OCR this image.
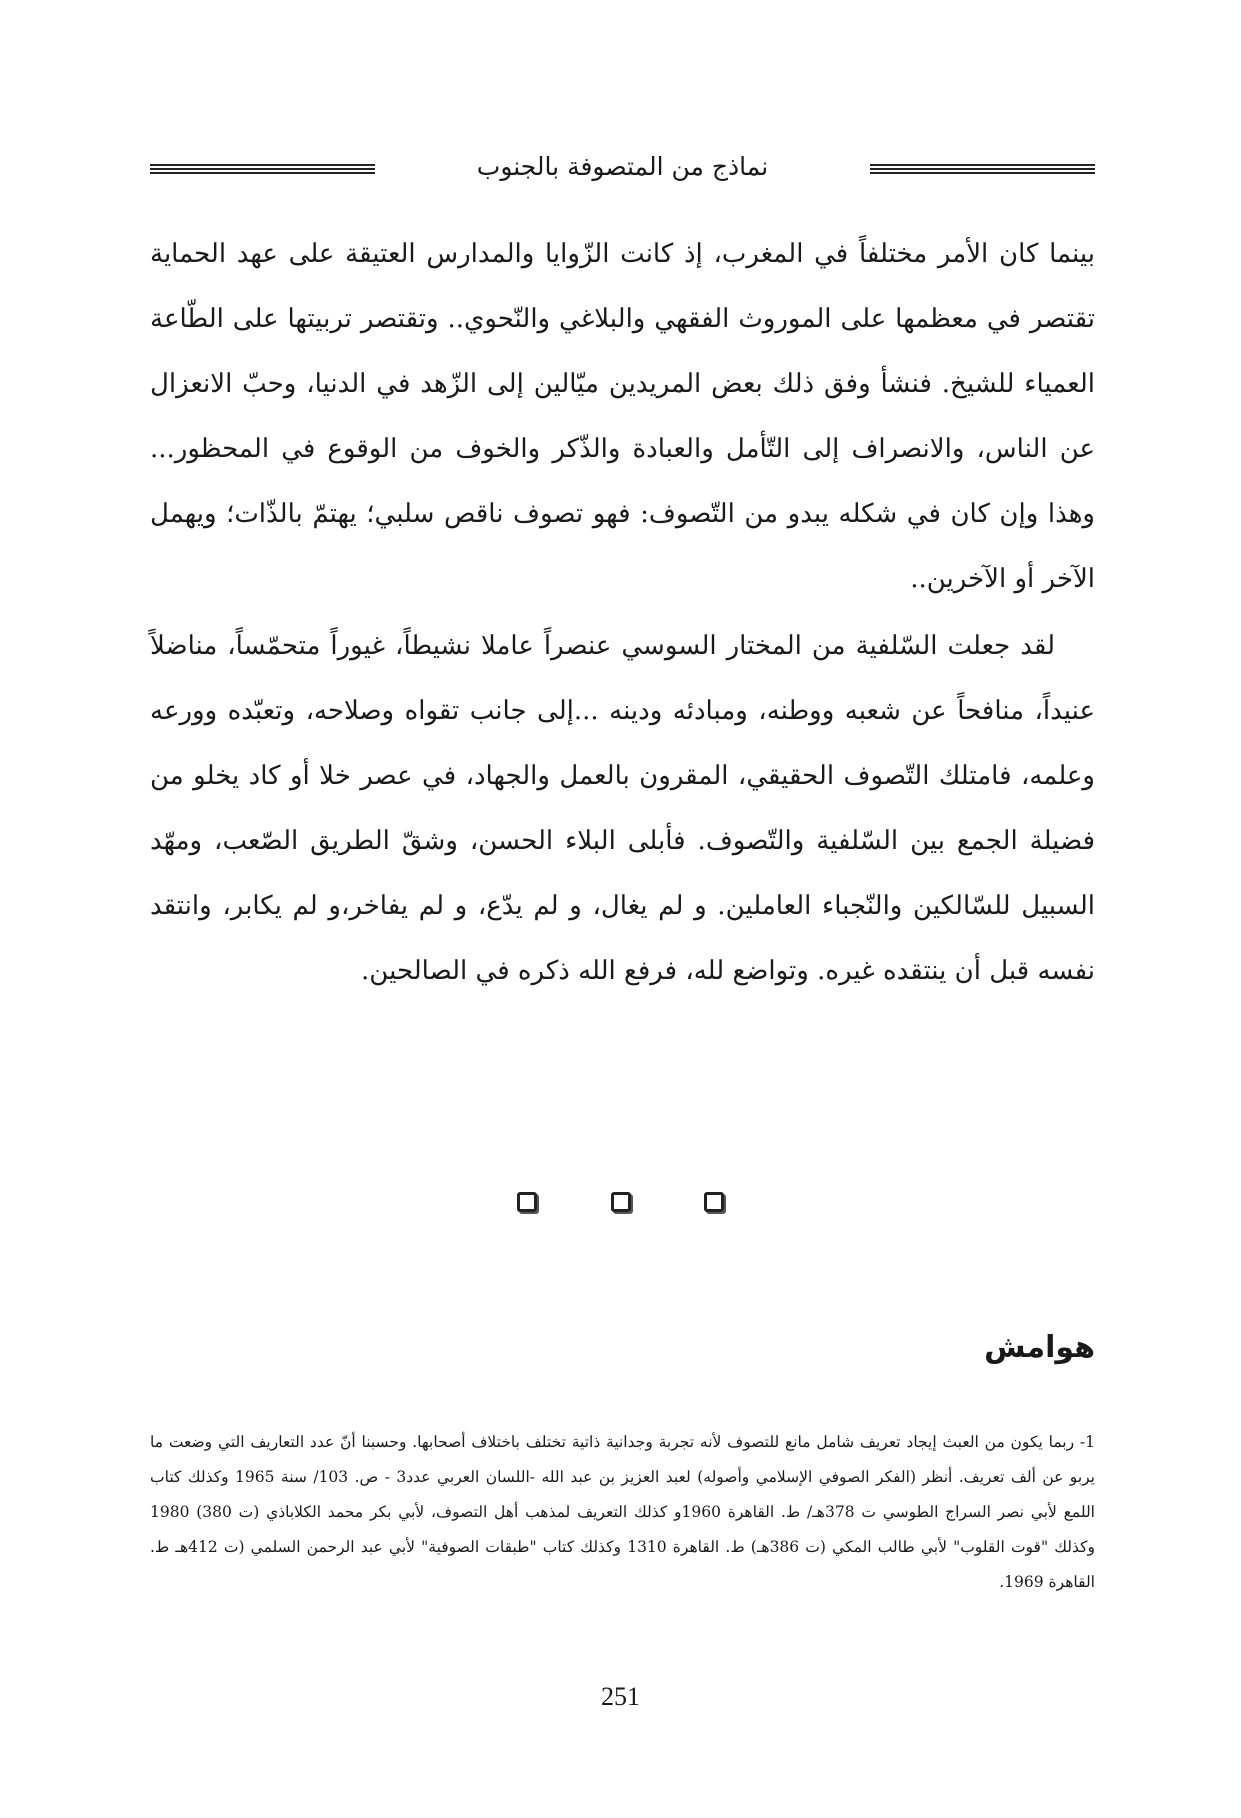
نماذج من المتصوفة بالجنوب

بينما كان الأمر مختلفاً في المغرب، إذ كانت الزّوايا والمدارس العتيقة على عهد الحماية تقتصر في معظمها على الموروث الفقهي والبلاغي والنّحوي.. وتقتصر تربيتها على الطّاعة العمياء للشيخ. فنشأ وفق ذلك بعض المريدين ميّالين إلى الزّهد في الدنيا، وحبّ الانعزال عن الناس، والانصراف إلى التّأمل والعبادة والذّكر والخوف من الوقوع في المحظور... وهذا وإن كان في شكله يبدو من التّصوف: فهو تصوف ناقص سلبي؛ يهتمّ بالذّات؛ ويهمل الآخر أو الآخرين..

لقد جعلت السّلفية من المختار السوسي عنصراً عاملا نشيطاً، غيوراً متحمّساً، مناضلاً عنيداً، منافحاً عن شعبه ووطنه، ومبادئه ودينه ...إلى جانب تقواه وصلاحه، وتعبّده وورعه وعلمه، فامتلك التّصوف الحقيقي، المقرون بالعمل والجهاد، في عصر خلا أو كاد يخلو من فضيلة الجمع بين السّلفية والتّصوف. فأبلى البلاء الحسن، وشقّ الطريق الصّعب، ومهّد السبيل للسّالكين والنّجباء العاملين. و لم يغال، و لم يدّع، و لم يفاخر،و لم يكابر، وانتقد نفسه قبل أن ينتقده غيره. وتواضع لله، فرفع الله ذكره في الصالحين.

هوامش
1- ربما يكون من العبث إيجاد تعريف شامل مانع للتصوف لأنه تجربة وجدانية ذاتية تختلف باختلاف أصحابها. وحسبنا أنّ عدد التعاريف التي وضعت ما يربو عن ألف تعريف. أنظر (الفكر الصوفي الإسلامي وأصوله) لعبد العزيز بن عبد الله -اللسان العربي عدد3 - ص. 103/ سنة 1965 وكذلك كتاب اللمع لأبي نصر السراج الطوسي ت 378هـ/ ط. القاهرة 1960و كذلك التعريف لمذهب أهل التصوف، لأبي بكر محمد الكلاباذي (ت 380) 1980 وكذلك "قوت القلوب" لأبي طالب المكي (ت 386هـ) ط. القاهرة 1310 وكذلك كتاب "طبقات الصوفية" لأبي عبد الرحمن السلمي (ت 412هـ ط. القاهرة 1969.
251
